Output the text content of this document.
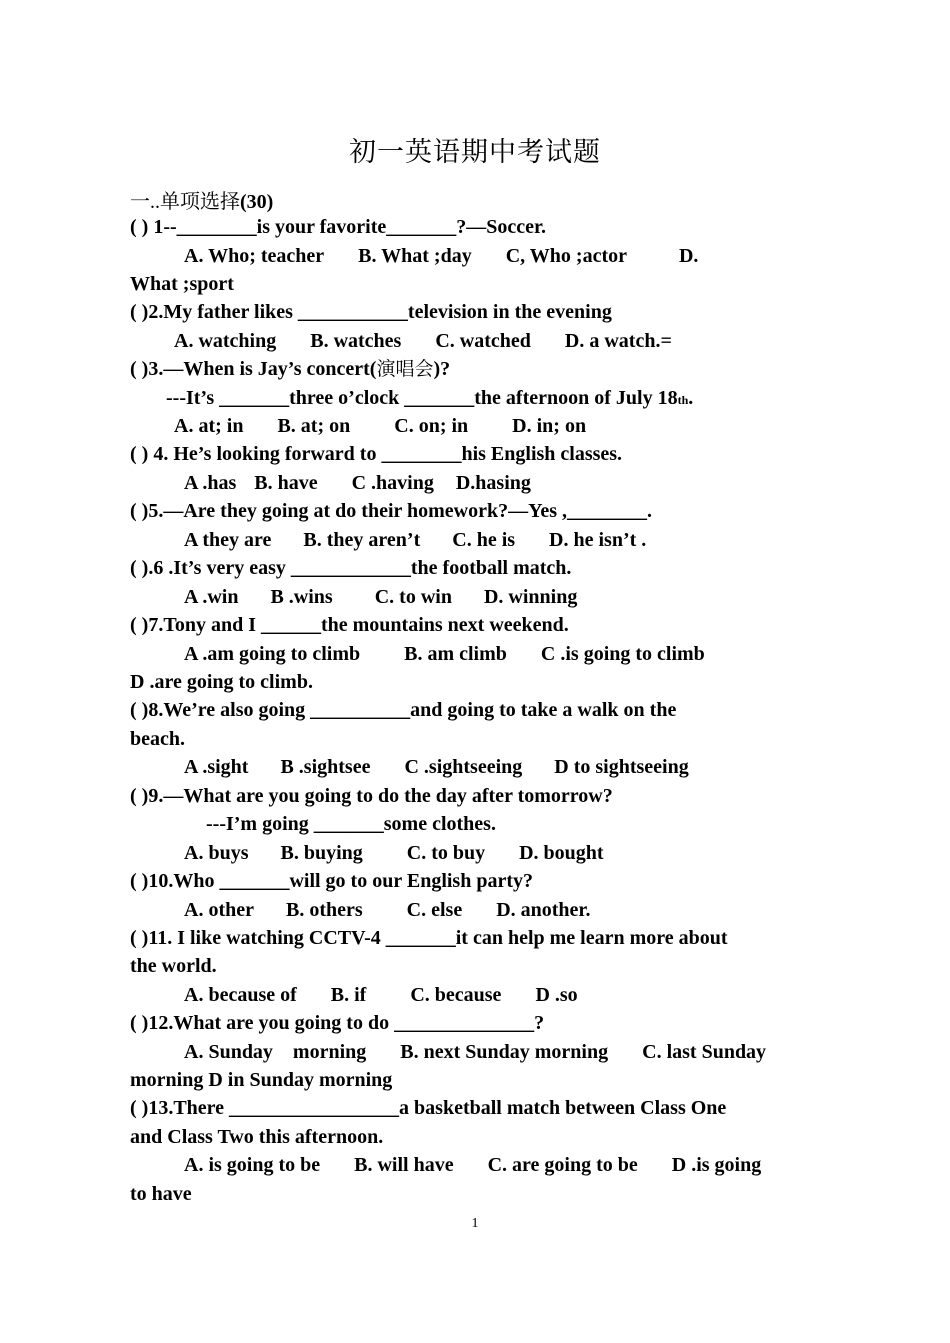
初一英语期中考试题
一..单项选择(30)
( ) 1--________is your favorite_______?—Soccer.
A. Who; teacher B. What ;day C, Who ;actor	D.
What ;sport
( )2.My father likes ___________television in the evening
A. watching B. watches C. watched D. a watch.=
( )3.—When is Jay’s concert(演唱会)?
---It’s _______three o’clock _______the afternoon of July 18th.
A. at; in B. at; on C. on; in D. in; on
( ) 4. He’s looking forward to ________his English classes.
A .has B. have C .having D.hasing
( )5.—Are they going at do their homework?—Yes ,________.
A they are B. they aren’t C. he is D. he isn’t .
( ).6 .It’s very easy ____________the football match.
A .win B .wins C. to win D. winning
( )7.Tony and I ______the mountains next weekend.
A .am going to climb B. am climb C .is going to climb
D .are going to climb.
( )8.We’re also going __________and going to take a walk on the
beach.
A .sight B .sightsee C .sightseeing D to sightseeing
( )9.—What are you going to do the day after tomorrow?
---I’m going _______some clothes.
A. buys B. buying C. to buy D. bought
( )10.Who _______will go to our English party?
A. other B. others C. else D. another.
( )11. I like watching CCTV-4 _______it can help me learn more about
the world.
A. because of B. if C. because D .so
( )12.What are you going to do ______________?
A. Sunday    morning B. next Sunday morning C. last Sunday
morning D in Sunday morning
( )13.There _________________a basketball match between Class One
and Class Two this afternoon.
A. is going to be B. will have C. are going to be D .is going
to have
1
